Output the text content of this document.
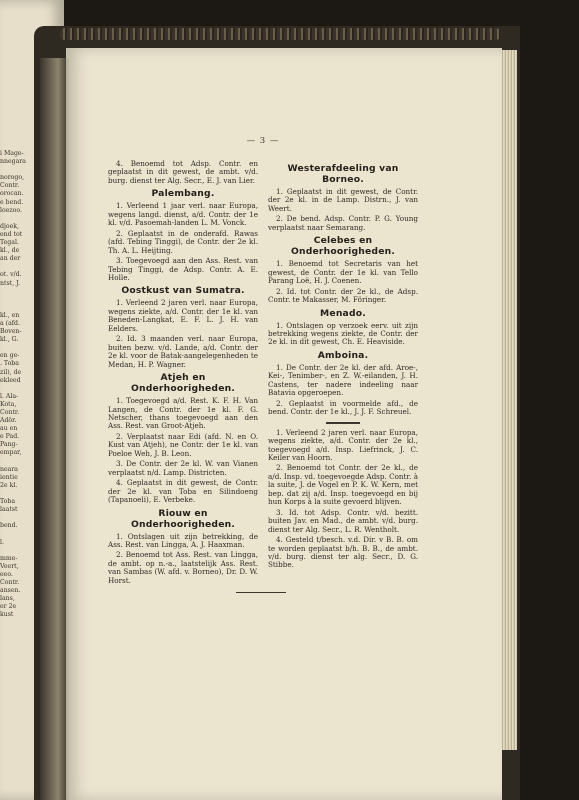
i Mage-
nnegara
norogo,
Contr.
orocan.
e bend.
loezoo.
djoek,
end tot
Tegal.
kl., de
an der
ot. v/d.
ntst, J.
kl., en
a (afd.
Boven-
kl., G.
en ge-
. Toba
zil), de
ekleed
l. Ala-
Kota,
Contr.
Adör.
au en
e Pad.
Pang-
empar,
neara
ientie
2e kl.
Toba
laatst
bend.
l.
mme-
Veert,
eeo.
Contr.
ansen.
lans,
er 2e
kust
— 3 —

4. Benoemd tot Adsp. Contr. en geplaatst in dit gewest, de ambt. v/d. burg. dienst ter Alg. Secr., E. J. van Lier.

Palembang.

1. Verleend 1 jaar verl. naar Europa, wegens langd. dienst, a/d. Contr. der 1e kl. v/d. Pasoemah-landen L. M. Vonck.

2. Geplaatst in de onderafd. Rawas (afd. Tebing Tinggi), de Contr. der 2e kl. Th. A. L. Heijting.

3. Toegevoegd aan den Ass. Rest. van Tebing Tinggi, de Adsp. Contr. A. E. Holle.

Oostkust van Sumatra.

1. Verleend 2 jaren verl. naar Europa, wegens ziekte, a/d. Contr. der 1e kl. van Beneden-Langkat, E. F. L. J. H. van Eelders.

2. Id. 3 maanden verl. naar Europa, buiten bezw. v/d. Lande, a/d. Contr. der 2e kl. voor de Batak-aangelegenheden te Medan, H. P. Wagner.

Atjeh en Onderhoorigheden.

1. Toegevoegd a/d. Rest. K. F. H. Van Langen, de Contr. der 1e kl. F. G. Netscher, thans toegevoegd aan den Ass. Rest. van Groot-Atjeh.

2. Verplaatst naar Edi (afd. N. en O. Kust van Atjeh), ne Contr. der 1e kl. van Poeloe Weh, J. B. Leon.

3. De Contr. der 2e kl. W. van Vianen verplaatst n/d. Lamp. Districten.

4. Geplaatst in dit gewest, de Contr. der 2e kl. van Toba en Silindoeng (Tapanoeli), E. Verbeke.

Riouw en Onderhoorigheden.

1. Ontslagen uit zijn betrekking, de Ass. Rest. van Lingga, A. J. Haaxman.

2. Benoemd tot Ass. Rest. van Lingga, de ambt. op n.-a., laatstelijk Ass. Rest. van Sambas (W. afd. v. Borneo), Dr. D. W. Horst.

Westerafdeeling van Borneo.

1. Geplaatst in dit gewest, de Contr. der 2e kl. in de Lamp. Distrn., J. van Weert.

2. De bend. Adsp. Contr. P. G. Young verplaatst naar Semarang.

Celebes en Onderhoorigheden.

1. Benoemd tot Secretaris van het gewest, de Contr. der 1e kl. van Tello Parang Loë, H. J. Coenen.

2. Id. tot Contr. der 2e kl., de Adsp. Contr. te Makasser, M. Föringer.

Menado.

1. Ontslagen op verzoek eerv. uit zijn betrekking wegens ziekte, de Contr. der 2e kl. in dit gewest, Ch. E. Heaviside.

Amboina.

1. De Contr. der 2e kl. der afd. Aroe-, Kei-, Tenimber-, en Z. W.-eilanden, J. H. Castens, ter nadere indeeling naar Batavia opgeroepen.

2. Geplaatst in voormelde afd., de bend. Contr. der 1e kl., J. J. F. Schreuel.

1. Verleend 2 jaren verl. naar Europa, wegens ziekte, a/d. Contr. der 2e kl., toegevoegd a/d. Insp. Liefrinck, J. C. Keiler van Hoorn.

2. Benoemd tot Contr. der 2e kl., de a/d. Insp. vd. toegevoegde Adsp. Contr. à la suite, J. de Vogel en P. K. W. Kern, met bep. dat zij a/d. Insp. toegevoegd en bij hun Korps à la suite gevoerd blijven.

3. Id. tot Adsp. Contr. v/d. bezitt. buiten Jav. en Mad., de ambt. v/d. burg. dienst ter Alg. Secr., L. R. Wentholt.

4. Gesteld t/besch. v.d. Dir. v B. B. om te worden geplaatst b/h. B. B., de ambt. v/d. burg. dienst ter alg. Secr., D. G. Stibbe.
